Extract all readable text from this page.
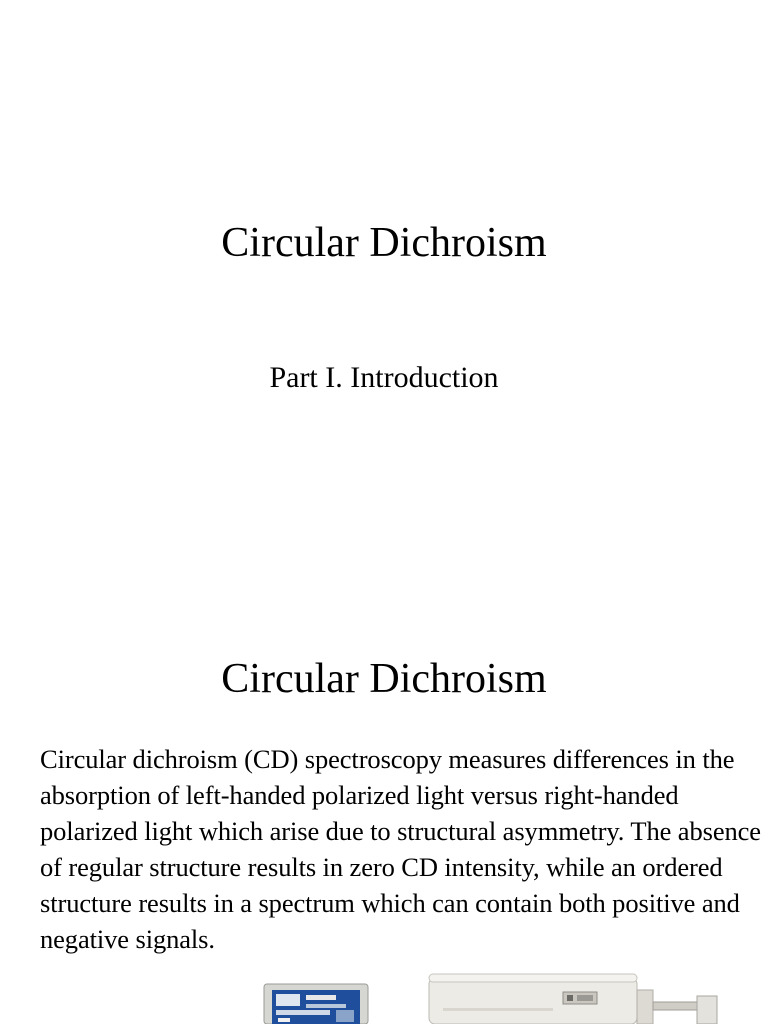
Circular Dichroism

Part I. Introduction

Circular Dichroism

Circular dichroism (CD) spectroscopy measures differences in the absorption of left-handed polarized light versus right-handed polarized light which arise due to structural asymmetry. The absence of regular structure results in zero CD intensity, while an ordered structure results in a spectrum which can contain both positive and negative signals.
